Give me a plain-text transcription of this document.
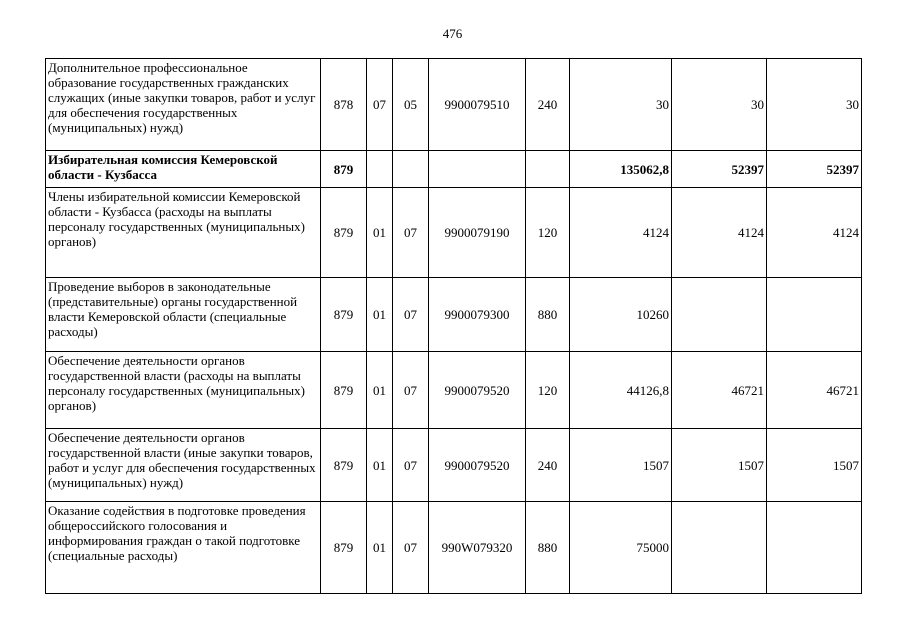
476
Дополнительное профессиональное образование государственных гражданских служащих (иные закупки товаров, работ и услуг для обеспечения государственных (муниципальных) нужд)	878	07	05	9900079510	240	30	30	30
Избирательная комиссия Кемеровской области - Кузбасса	879					135062,8	52397	52397
Члены избирательной комиссии Кемеровской области - Кузбасса (расходы на выплаты персоналу государственных (муниципальных) органов)	879	01	07	9900079190	120	4124	4124	4124
Проведение выборов в законодательные (представительные) органы государственной власти Кемеровской области (специальные расходы)	879	01	07	9900079300	880	10260		
Обеспечение деятельности органов государственной власти (расходы на выплаты персоналу государственных (муниципальных) органов)	879	01	07	9900079520	120	44126,8	46721	46721
Обеспечение деятельности органов государственной власти (иные закупки товаров, работ и услуг для обеспечения государственных (муниципальных) нужд)	879	01	07	9900079520	240	1507	1507	1507
Оказание содействия в подготовке проведения общероссийского голосования и информирования граждан о такой подготовке (специальные расходы)	879	01	07	990W079320	880	75000		
